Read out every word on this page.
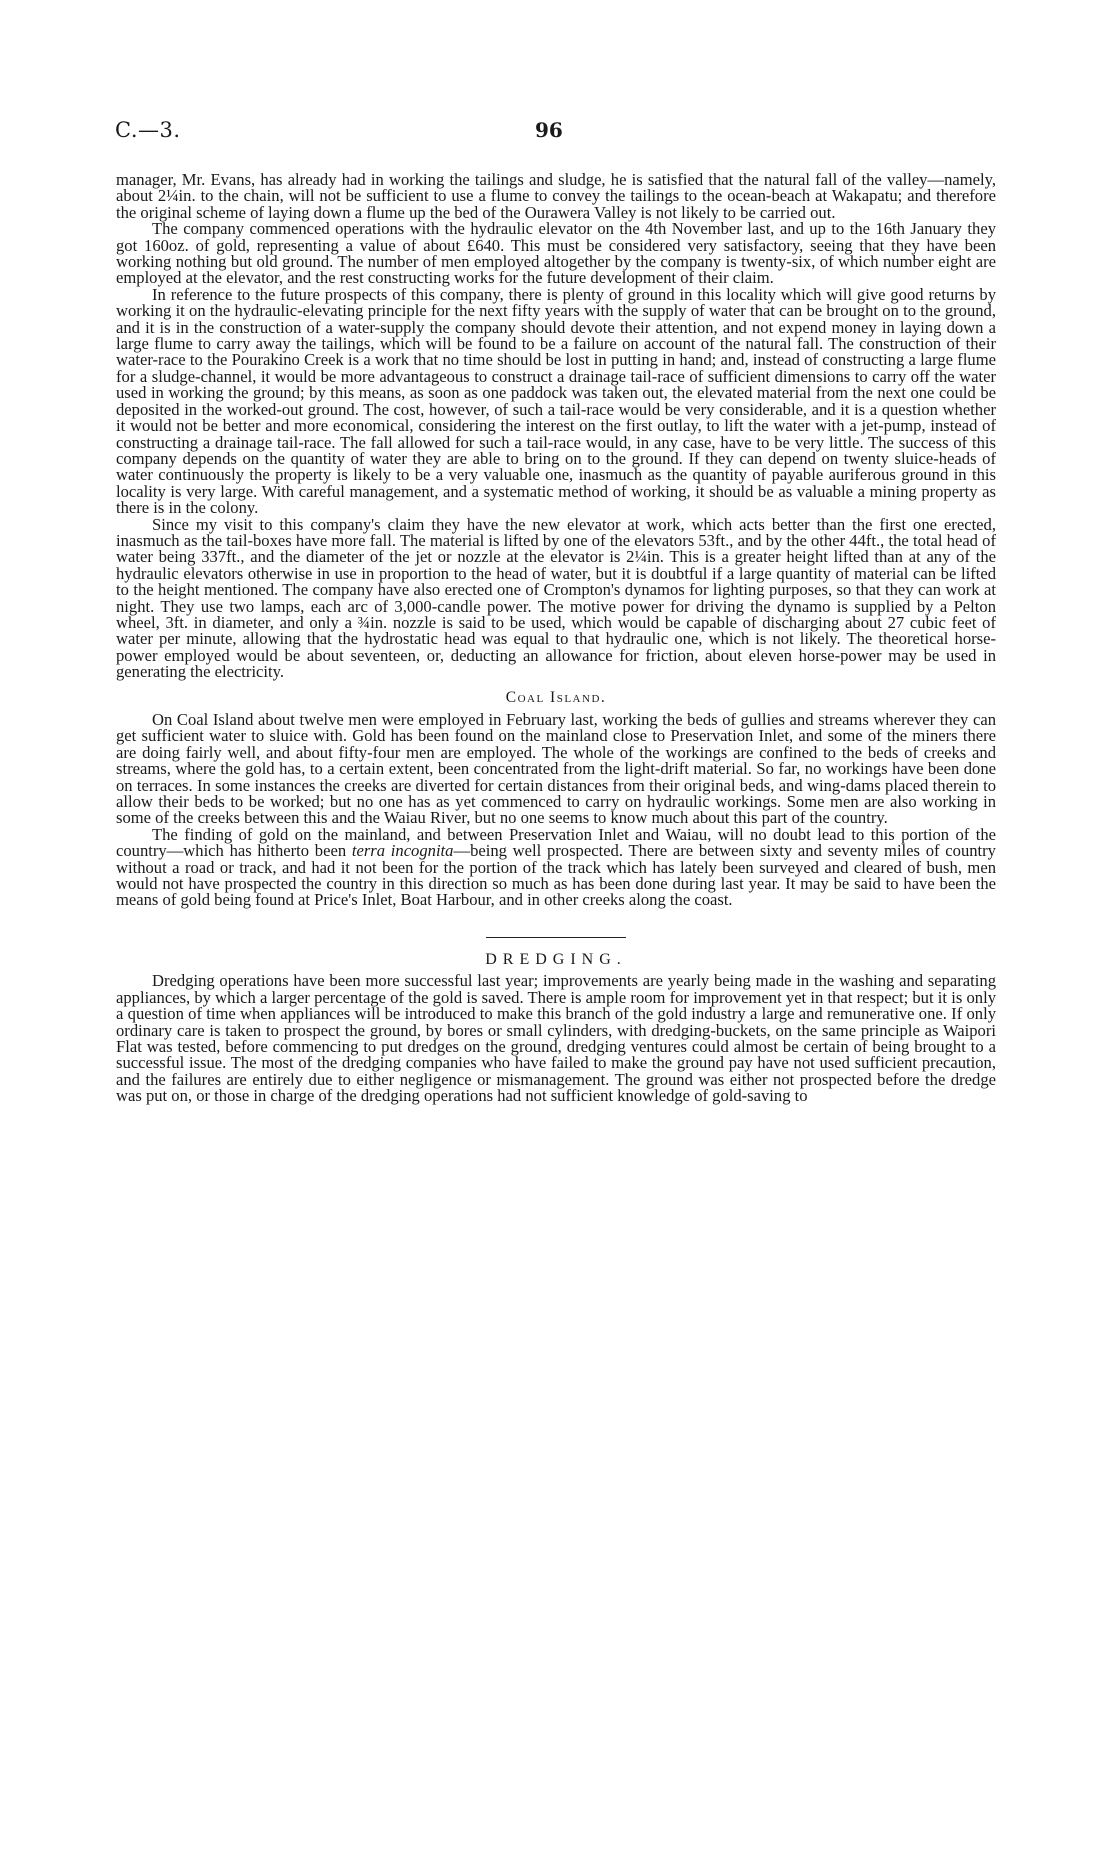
C.—3.	96

manager, Mr. Evans, has already had in working the tailings and sludge, he is satisfied that the natural fall of the valley—namely, about 2¼in. to the chain, will not be sufficient to use a flume to convey the tailings to the ocean-beach at Wakapatu; and therefore the original scheme of laying down a flume up the bed of the Ourawera Valley is not likely to be carried out.

The company commenced operations with the hydraulic elevator on the 4th November last, and up to the 16th January they got 160oz. of gold, representing a value of about £640. This must be considered very satisfactory, seeing that they have been working nothing but old ground. The number of men employed altogether by the company is twenty-six, of which number eight are employed at the elevator, and the rest constructing works for the future development of their claim.

In reference to the future prospects of this company, there is plenty of ground in this locality which will give good returns by working it on the hydraulic-elevating principle for the next fifty years with the supply of water that can be brought on to the ground, and it is in the construction of a water-supply the company should devote their attention, and not expend money in laying down a large flume to carry away the tailings, which will be found to be a failure on account of the natural fall. The construction of their water-race to the Pourakino Creek is a work that no time should be lost in putting in hand; and, instead of constructing a large flume for a sludge-channel, it would be more advantageous to construct a drainage tail-race of sufficient dimensions to carry off the water used in working the ground; by this means, as soon as one paddock was taken out, the elevated material from the next one could be deposited in the worked-out ground. The cost, however, of such a tail-race would be very considerable, and it is a question whether it would not be better and more economical, considering the interest on the first outlay, to lift the water with a jet-pump, instead of constructing a drainage tail-race. The fall allowed for such a tail-race would, in any case, have to be very little. The success of this company depends on the quantity of water they are able to bring on to the ground. If they can depend on twenty sluice-heads of water continuously the property is likely to be a very valuable one, inasmuch as the quantity of payable auriferous ground in this locality is very large. With careful management, and a systematic method of working, it should be as valuable a mining property as there is in the colony.

Since my visit to this company's claim they have the new elevator at work, which acts better than the first one erected, inasmuch as the tail-boxes have more fall. The material is lifted by one of the elevators 53ft., and by the other 44ft., the total head of water being 337ft., and the diameter of the jet or nozzle at the elevator is 2¼in. This is a greater height lifted than at any of the hydraulic elevators otherwise in use in proportion to the head of water, but it is doubtful if a large quantity of material can be lifted to the height mentioned. The company have also erected one of Crompton's dynamos for lighting purposes, so that they can work at night. They use two lamps, each arc of 3,000-candle power. The motive power for driving the dynamo is supplied by a Pelton wheel, 3ft. in diameter, and only a ¾in. nozzle is said to be used, which would be capable of discharging about 27 cubic feet of water per minute, allowing that the hydrostatic head was equal to that hydraulic one, which is not likely. The theoretical horse-power employed would be about seventeen, or, deducting an allowance for friction, about eleven horse-power may be used in generating the electricity.

Coal Island.

On Coal Island about twelve men were employed in February last, working the beds of gullies and streams wherever they can get sufficient water to sluice with. Gold has been found on the mainland close to Preservation Inlet, and some of the miners there are doing fairly well, and about fifty-four men are employed. The whole of the workings are confined to the beds of creeks and streams, where the gold has, to a certain extent, been concentrated from the light-drift material. So far, no workings have been done on terraces. In some instances the creeks are diverted for certain distances from their original beds, and wing-dams placed therein to allow their beds to be worked; but no one has as yet commenced to carry on hydraulic workings. Some men are also working in some of the creeks between this and the Waiau River, but no one seems to know much about this part of the country.

The finding of gold on the mainland, and between Preservation Inlet and Waiau, will no doubt lead to this portion of the country—which has hitherto been terra incognita—being well prospected. There are between sixty and seventy miles of country without a road or track, and had it not been for the portion of the track which has lately been surveyed and cleared of bush, men would not have prospected the country in this direction so much as has been done during last year. It may be said to have been the means of gold being found at Price's Inlet, Boat Harbour, and in other creeks along the coast.

DREDGING.

Dredging operations have been more successful last year; improvements are yearly being made in the washing and separating appliances, by which a larger percentage of the gold is saved. There is ample room for improvement yet in that respect; but it is only a question of time when appliances will be introduced to make this branch of the gold industry a large and remunerative one. If only ordinary care is taken to prospect the ground, by bores or small cylinders, with dredging-buckets, on the same principle as Waipori Flat was tested, before commencing to put dredges on the ground, dredging ventures could almost be certain of being brought to a successful issue. The most of the dredging companies who have failed to make the ground pay have not used sufficient precaution, and the failures are entirely due to either negligence or mismanagement. The ground was either not prospected before the dredge was put on, or those in charge of the dredging operations had not sufficient knowledge of gold-saving to
